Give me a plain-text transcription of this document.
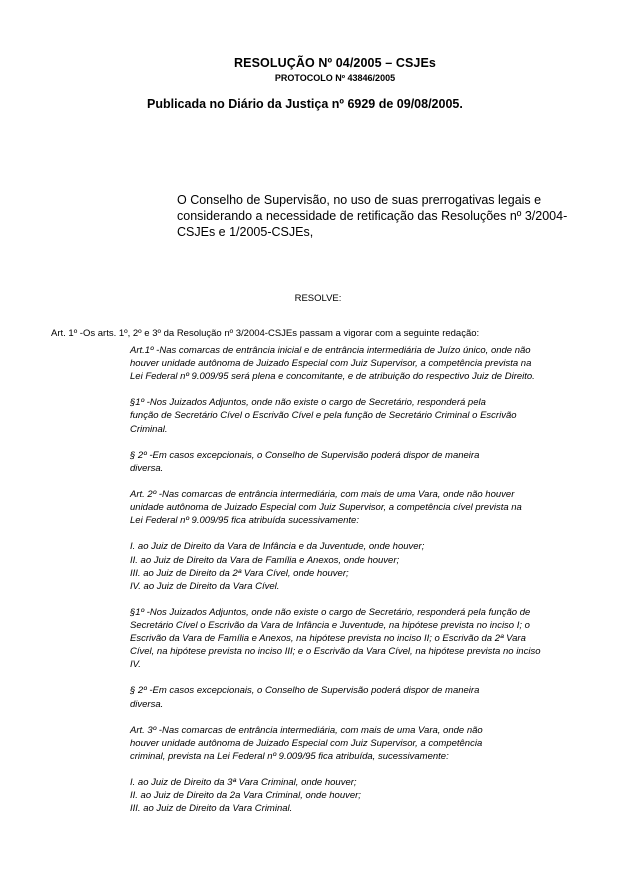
RESOLUÇÃO Nº 04/2005 – CSJEs
PROTOCOLO Nº 43846/2005
Publicada no Diário da Justiça nº 6929 de 09/08/2005.
O Conselho de Supervisão, no uso de suas prerrogativas legais e
considerando a necessidade de retificação das Resoluções nº 3/2004-
CSJEs e 1/2005-CSJEs,
RESOLVE:
Art. 1º -Os arts. 1º, 2º e 3º da Resolução nº 3/2004-CSJEs passam a vigorar com a seguinte redação:
Art.1º -Nas comarcas de entrância inicial e de entrância intermediária de Juízo único, onde não
houver unidade autônoma de Juizado Especial com Juiz Supervisor, a competência prevista na
Lei Federal nº 9.009/95 será plena e concomitante, e de atribuição do respectivo Juiz de Direito.
§1º -Nos Juizados Adjuntos, onde não existe o cargo de Secretário, responderá pela
função de Secretário Cível o Escrivão Cível e pela função de Secretário Criminal o Escrivão
Criminal.
§ 2º -Em casos excepcionais, o Conselho de Supervisão poderá dispor de maneira
diversa.
Art. 2º -Nas comarcas de entrância intermediária, com mais de uma Vara, onde não houver
unidade autônoma de Juizado Especial com Juiz Supervisor, a competência cível prevista na
Lei Federal nº 9.009/95 fica atribuída sucessivamente:
I. ao Juiz de Direito da Vara de Infância e da Juventude, onde houver;
II. ao Juiz de Direito da Vara de Família e Anexos, onde houver;
III. ao Juiz de Direito da 2ª Vara Cível, onde houver;
IV. ao Juiz de Direito da Vara Cível.
§1º -Nos Juizados Adjuntos, onde não existe o cargo de Secretário, responderá pela função de
Secretário Cível o Escrivão da Vara de Infância e Juventude, na hipótese prevista no inciso I; o
Escrivão da Vara de Família e Anexos, na hipótese prevista no inciso II; o Escrivão da 2ª Vara
Cível, na hipótese prevista no inciso III; e o Escrivão da Vara Cível, na hipótese prevista no inciso
IV.
§ 2º -Em casos excepcionais, o Conselho de Supervisão poderá dispor de maneira
diversa.
Art. 3º -Nas comarcas de entrância intermediária, com mais de uma Vara, onde não
houver unidade autônoma de Juizado Especial com Juiz Supervisor, a competência
criminal, prevista na Lei Federal nº 9.009/95 fica atribuída, sucessivamente:
I. ao Juiz de Direito da 3ª Vara Criminal, onde houver;
II. ao Juiz de Direito da 2a Vara Criminal, onde houver;
III. ao Juiz de Direito da Vara Criminal.
